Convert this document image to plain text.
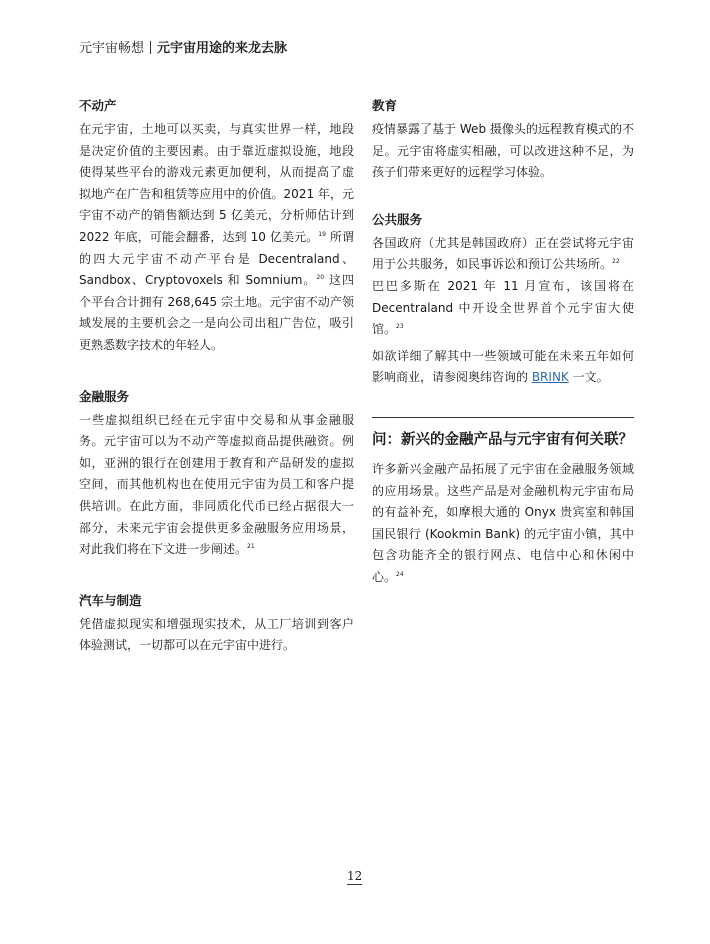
元宇宙畅想 元宇宙用途的来龙去脉

不动产

在元宇宙，土地可以买卖，与真实世界一样，地段是决定价值的主要因素。由于靠近虚拟设施，地段使得某些平台的游戏元素更加便利，从而提高了虚拟地产在广告和租赁等应用中的价值。2021 年，元宇宙不动产的销售额达到 5 亿美元，分析师估计到 2022 年底，可能会翻番，达到 10 亿美元。$^{19}$ 所谓的四大元宇宙不动产平台是 Decentraland、Sandbox、Cryptovoxels 和 Somnium。$^{20}$ 这四个平台合计拥有 268,645 宗土地。元宇宙不动产领域发展的主要机会之一是向公司出租广告位，吸引更熟悉数字技术的年轻人。

金融服务

一些虚拟组织已经在元宇宙中交易和从事金融服务。元宇宙可以为不动产等虚拟商品提供融资。例如，亚洲的银行在创建用于教育和产品研发的虚拟空间，而其他机构也在使用元宇宙为员工和客户提供培训。在此方面，非同质化代币已经占据很大一部分，未来元宇宙会提供更多金融服务应用场景，对此我们将在下文进一步阐述。$^{21}$

汽车与制造

凭借虚拟现实和增强现实技术，从工厂培训到客户体验测试，一切都可以在元宇宙中进行。

教育

疫情暴露了基于 Web 摄像头的远程教育模式的不足。元宇宙将虚实相融，可以改进这种不足，为孩子们带来更好的远程学习体验。

公共服务

各国政府（尤其是韩国政府）正在尝试将元宇宙用于公共服务，如民事诉讼和预订公共场所。$^{22}$

巴巴多斯在 2021 年 11 月宣布，该国将在 Decentraland 中开设全世界首个元宇宙大使馆。$^{23}$

如欲详细了解其中一些领域可能在未来五年如何影响商业，请参阅奥纬咨询的 BRINK 一文。

问：新兴的金融产品与元宇宙有何关联？

许多新兴金融产品拓展了元宇宙在金融服务领域的应用场景。这些产品是对金融机构元宇宙布局的有益补充，如摩根大通的 Onyx 贵宾室和韩国国民银行 (Kookmin Bank) 的元宇宙小镇，其中包含功能齐全的银行网点、电信中心和休闲中心。$^{24}$

12
